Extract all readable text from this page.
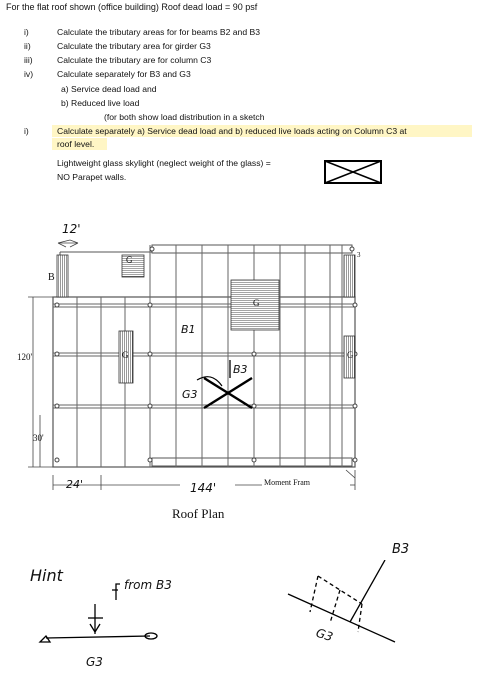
For the flat roof shown (office building) Roof dead load = 90 psf
i)	Calculate the tributary areas for for beams B2 and B3
ii)	Calculate the tributary area for girder G3
iii)	Calculate the tributary are for column C3
iv)	Calculate separately for B3 and G3
a) Service dead load and
b) Reduced live load
(for both show load distribution in a sketch
i)	Calculate separately a) Service dead load and b) reduced live loads acting on Column C3 at
roof level.
Lightweight glass skylight (neglect weight of the glass) =
NO Parapet walls.
12'
120'
30'
24'	144'
Roof Plan
Moment Fram
B
B1
B3
G3
G
G
G
G
3
Hint	from B3
G3
B3
G3
